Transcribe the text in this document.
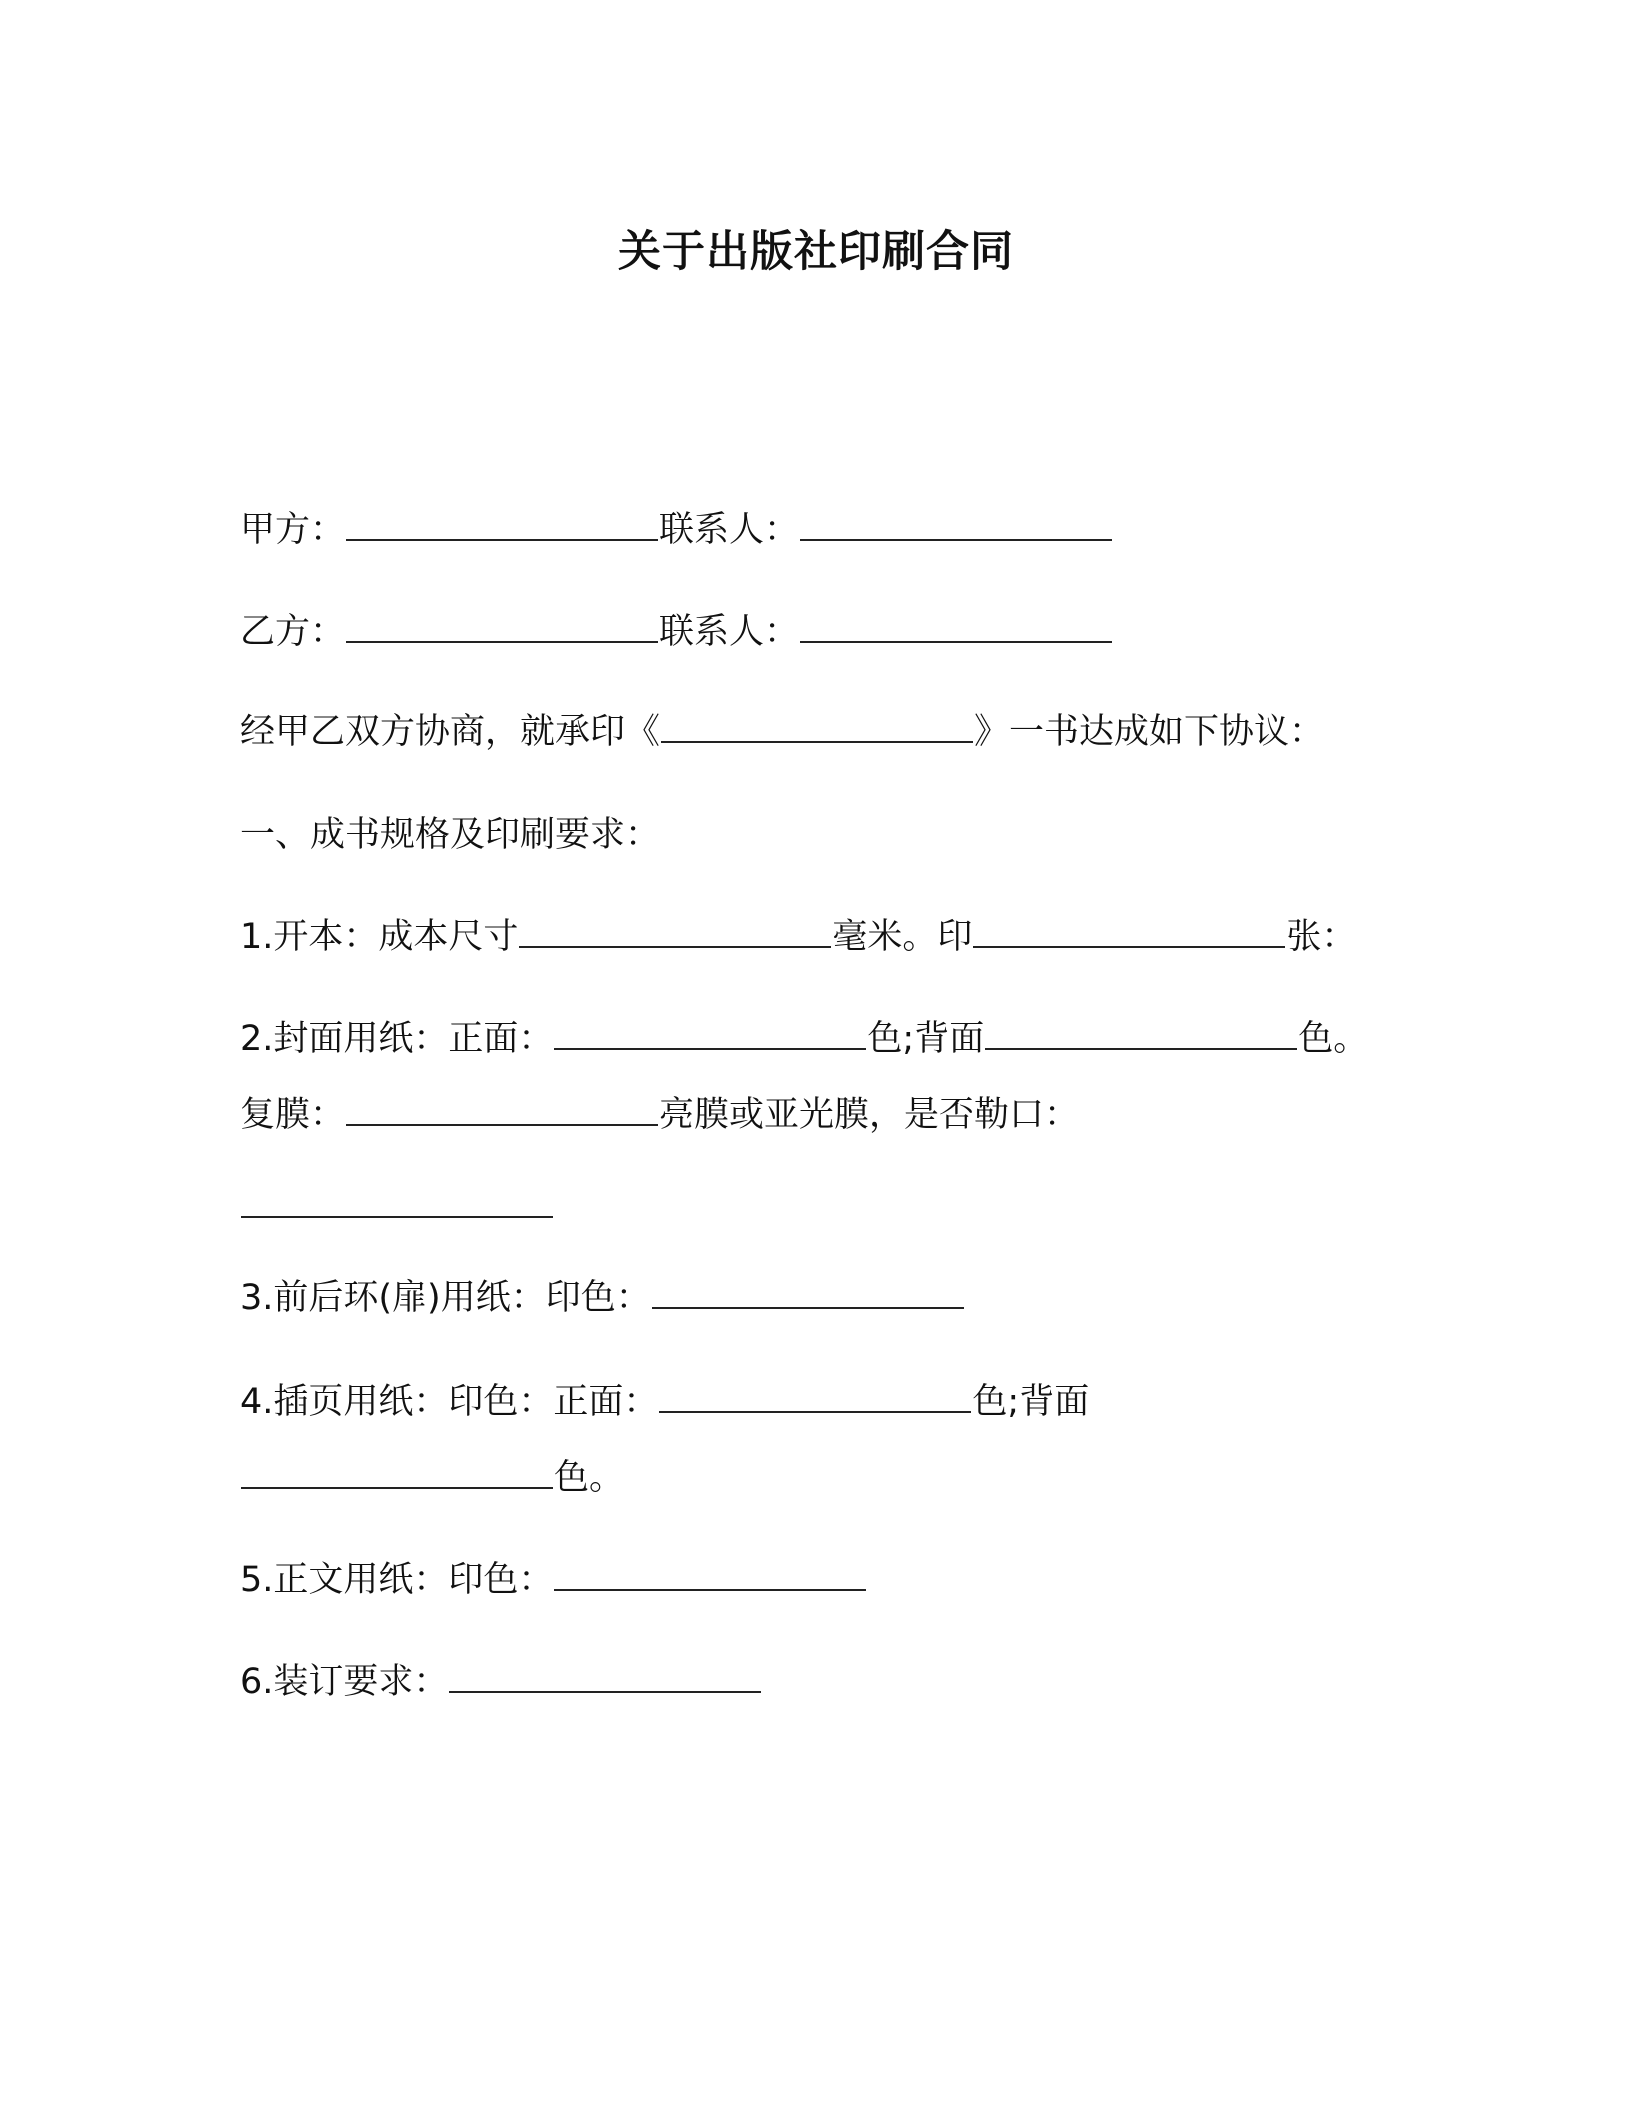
关于出版社印刷合同
甲方：	联系人：
乙方：	联系人：
经甲乙双方协商，就承印《	》一书达成如下协议：
一、成书规格及印刷要求：
1.开本：成本尺寸	毫米。印	张：
2.封面用纸：正面：	色;背面	色。
复膜：	亮膜或亚光膜，是否勒口：
3.前后环(扉)用纸：印色：
4.插页用纸：印色：正面：	色;背面
色。
5.正文用纸：印色：
6.装订要求：
